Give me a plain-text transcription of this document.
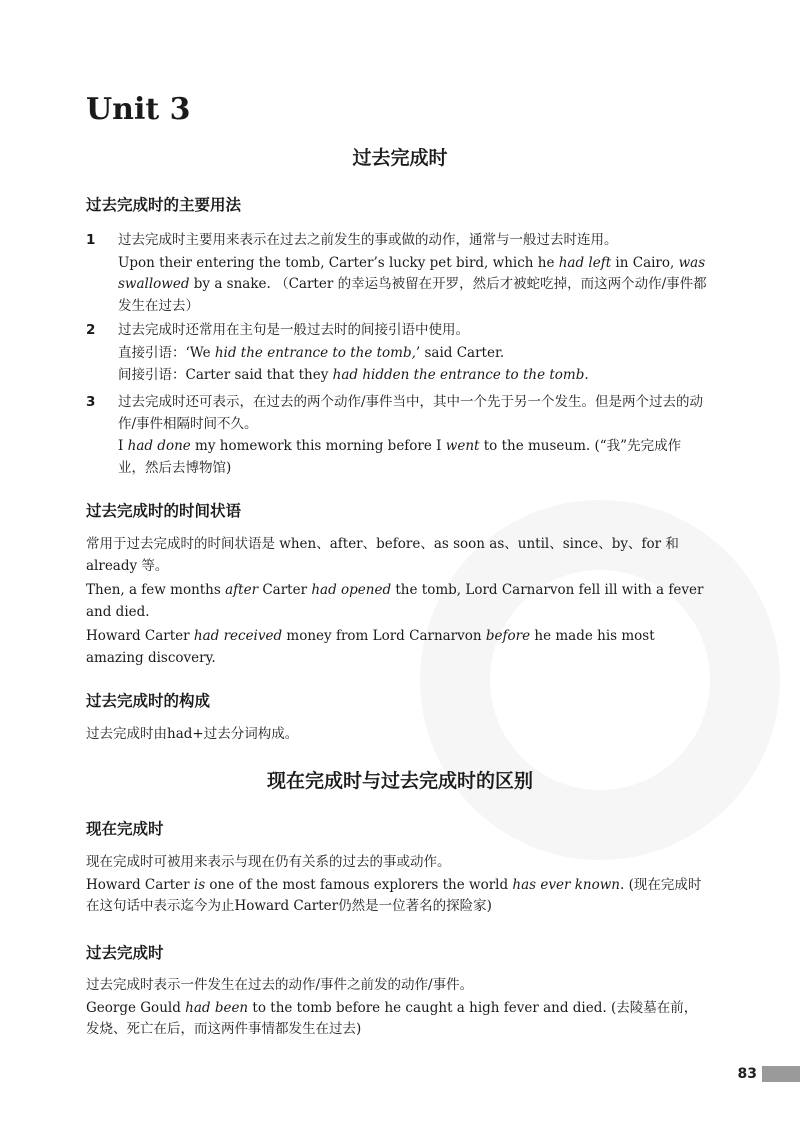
Unit 3
过去完成时
过去完成时的主要用法
1 过去完成时主要用来表示在过去之前发生的事或做的动作，通常与一般过去时连用。

Upon their entering the tomb, Carter’s lucky pet bird, which he had left in Cairo, was swallowed by a snake. （Carter 的幸运鸟被留在开罗，然后才被蛇吃掉，而这两个动作/事件都发生在过去）

2 过去完成时还常用在主句是一般过去时的间接引语中使用。

直接引语：‘We hid the entrance to the tomb,’ said Carter.

间接引语：Carter said that they had hidden the entrance to the tomb.

3 过去完成时还可表示，在过去的两个动作/事件当中，其中一个先于另一个发生。但是两个过去的动作/事件相隔时间不久。

I had done my homework this morning before I went to the museum. (“我”先完成作业，然后去博物馆)

过去完成时的时间状语

常用于过去完成时的时间状语是 when、after、before、as soon as、until、since、by、for 和already 等。

Then, a few months after Carter had opened the tomb, Lord Carnarvon fell ill with a fever and died.

Howard Carter had received money from Lord Carnarvon before he made his most amazing discovery.

过去完成时的构成

过去完成时由had+过去分词构成。

现在完成时与过去完成时的区别
现在完成时

现在完成时可被用来表示与现在仍有关系的过去的事或动作。

Howard Carter is one of the most famous explorers the world has ever known. (现在完成时在这句话中表示迄今为止Howard Carter仍然是一位著名的探险家)

过去完成时

过去完成时表示一件发生在过去的动作/事件之前发的动作/事件。

George Gould had been to the tomb before he caught a high fever and died. (去陵墓在前，发烧、死亡在后，而这两件事情都发生在过去)

83
